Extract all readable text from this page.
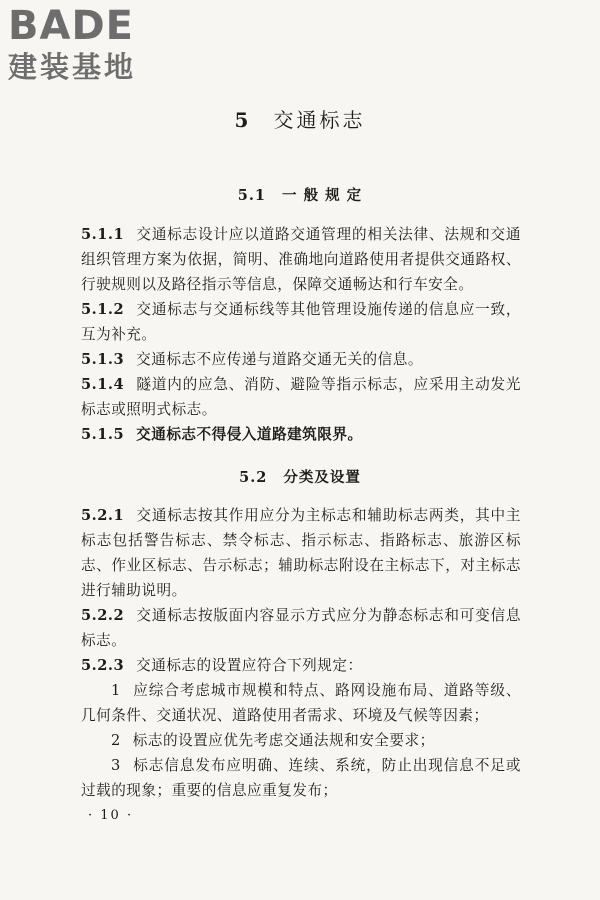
BADE
建装基地
5 交通标志
5.1 一 般 规 定

5.1.1 交通标志设计应以道路交通管理的相关法律、法规和交通组织管理方案为依据，简明、准确地向道路使用者提供交通路权、行驶规则以及路径指示等信息，保障交通畅达和行车安全。

5.1.2 交通标志与交通标线等其他管理设施传递的信息应一致，互为补充。

5.1.3 交通标志不应传递与道路交通无关的信息。

5.1.4 隧道内的应急、消防、避险等指示标志，应采用主动发光标志或照明式标志。

5.1.5 交通标志不得侵入道路建筑限界。

5.2 分类及设置

5.2.1 交通标志按其作用应分为主标志和辅助标志两类，其中主标志包括警告标志、禁令标志、指示标志、指路标志、旅游区标志、作业区标志、告示标志；辅助标志附设在主标志下，对主标志进行辅助说明。

5.2.2 交通标志按版面内容显示方式应分为静态标志和可变信息标志。

5.2.3 交通标志的设置应符合下列规定：

1 应综合考虑城市规模和特点、路网设施布局、道路等级、几何条件、交通状况、道路使用者需求、环境及气候等因素；

2 标志的设置应优先考虑交通法规和安全要求；

3 标志信息发布应明确、连续、系统，防止出现信息不足或过载的现象；重要的信息应重复发布；

· 10 ·
